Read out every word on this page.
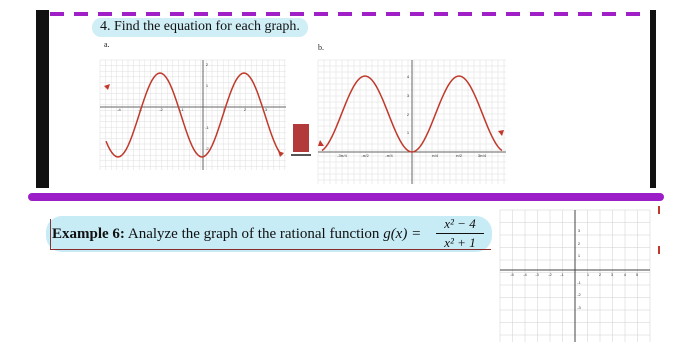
4. Find the equation for each graph.
a.	b.
-4	-3	-2	-1	1	2	3
2
1
-1
-2
-3π/4	-π/2	-π/4	π/4	π/2	3π/4
4
3
2
1
Example 6: Analyze the graph of the rational function g(x) =
x² − 4
x² + 1
-5 -4 -3 -2 -1	1 2 3	4 5
3
2
1
-1
-2
-3
